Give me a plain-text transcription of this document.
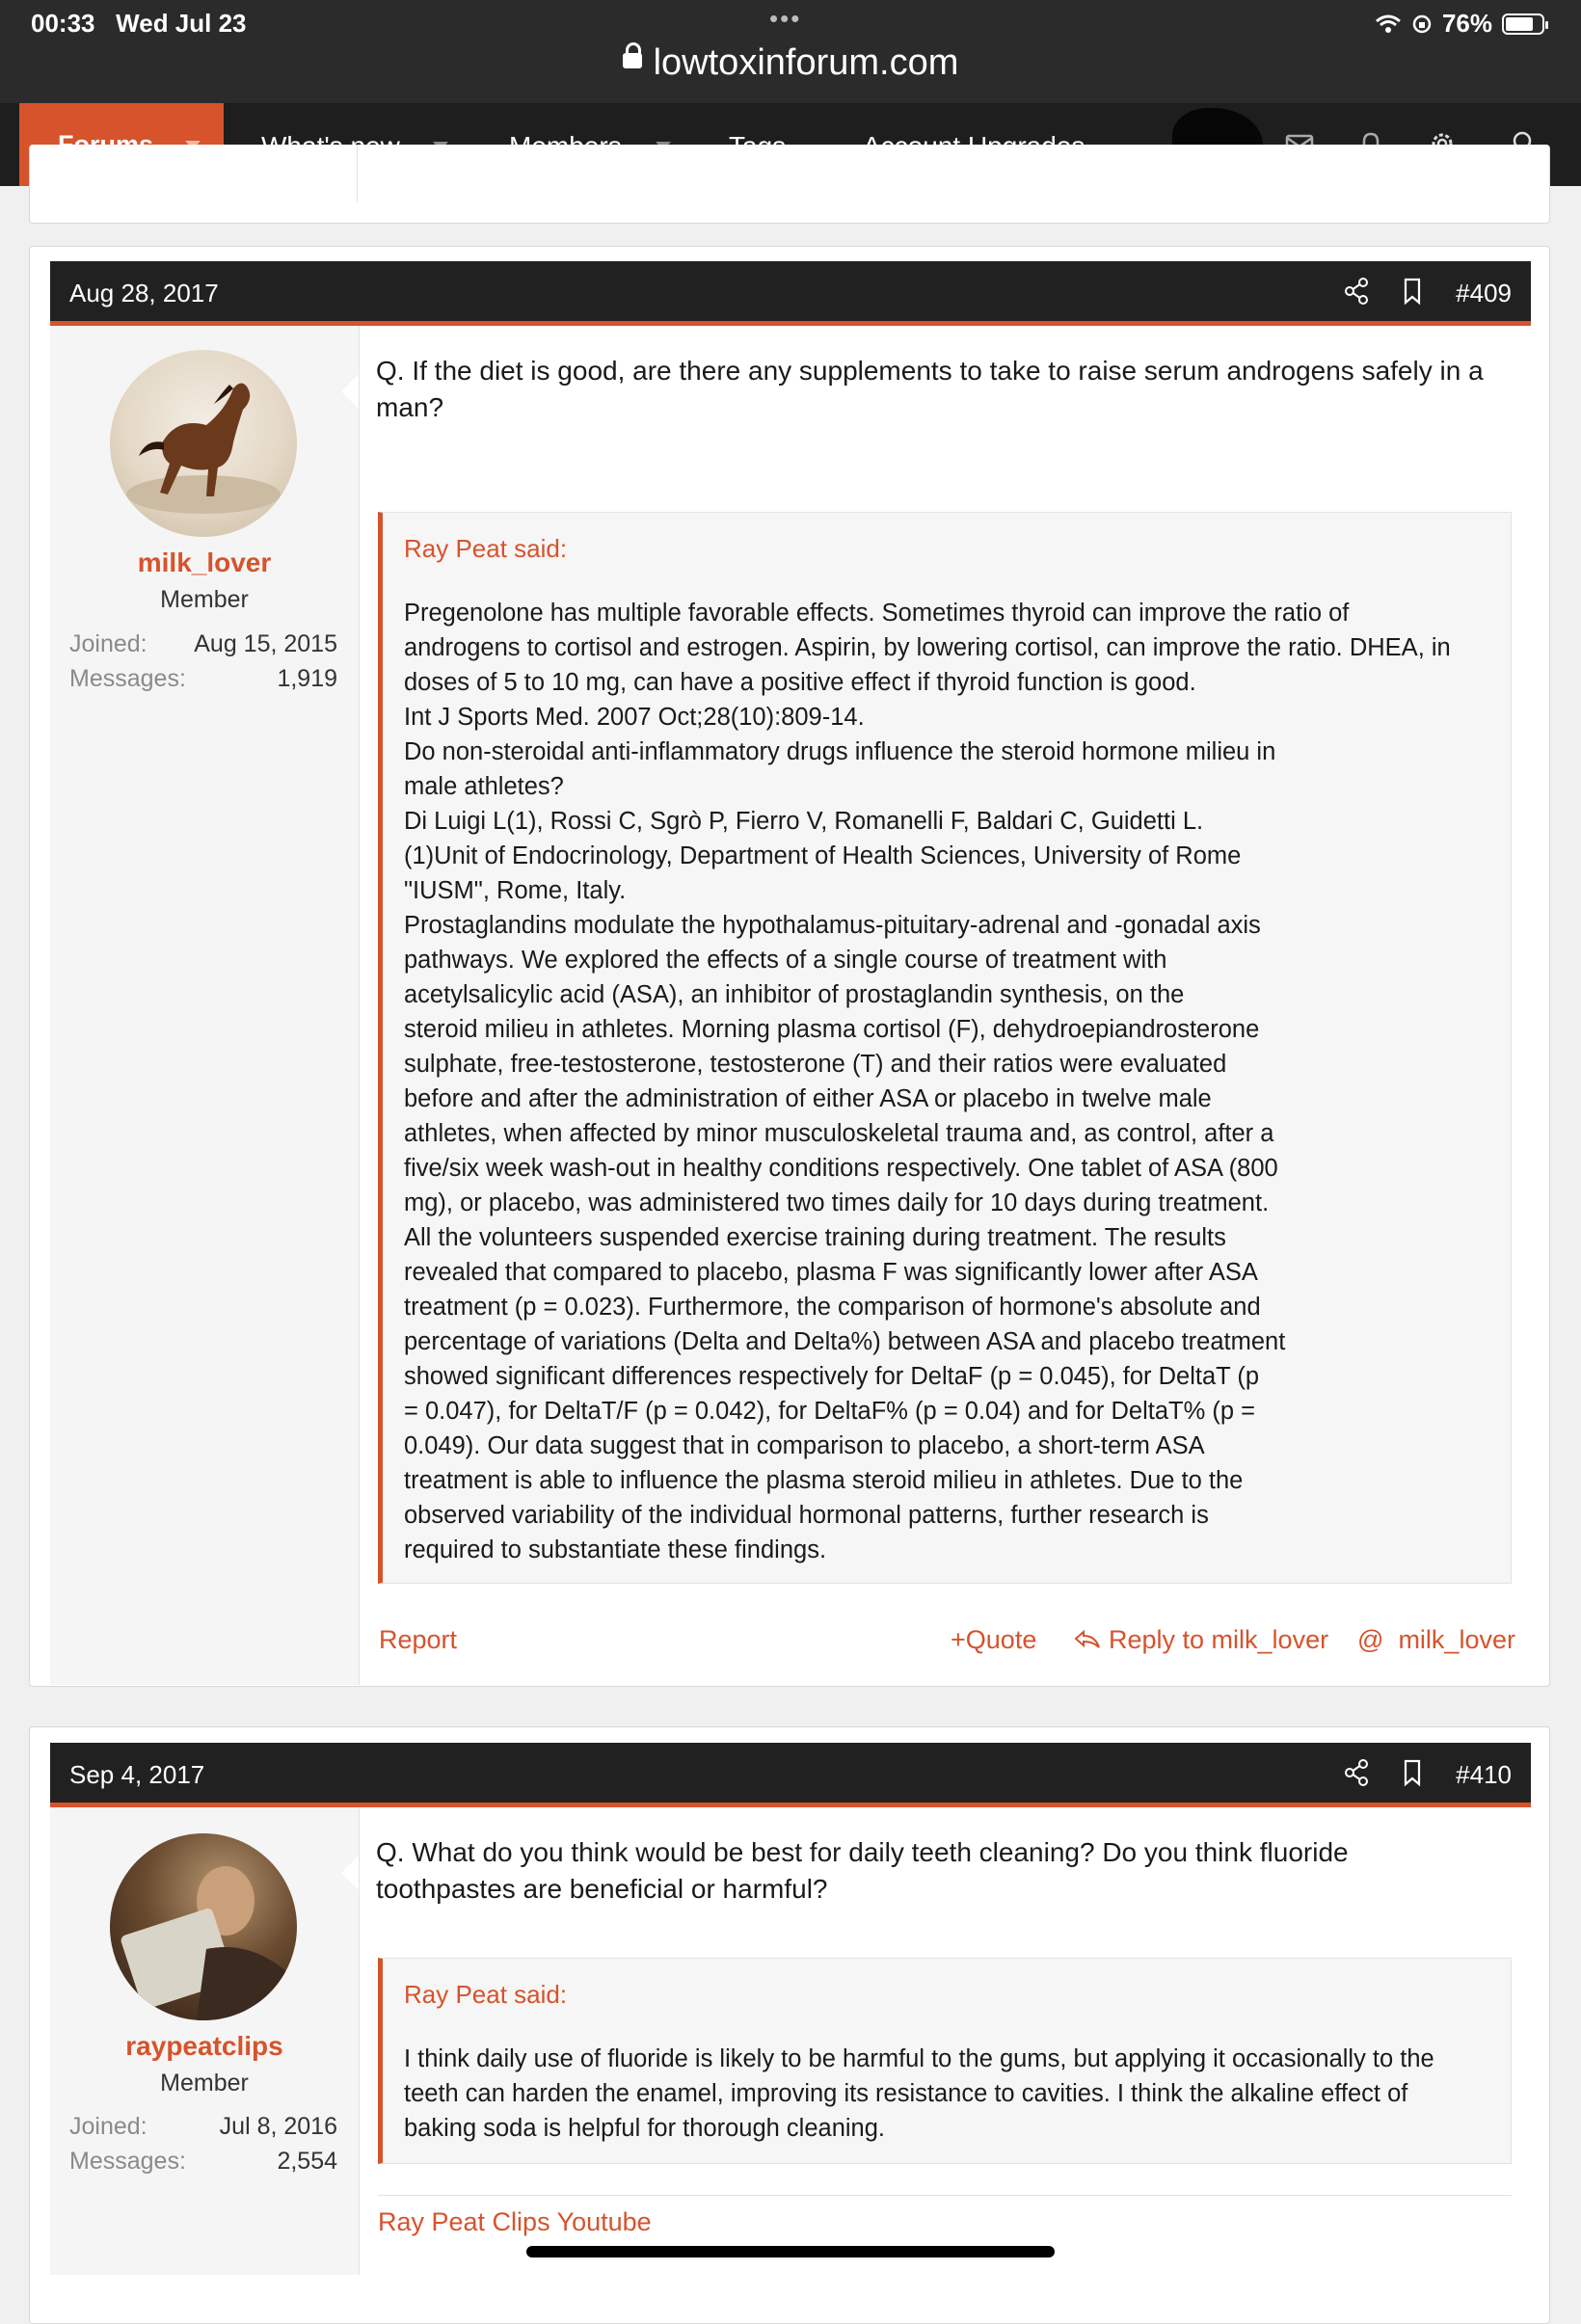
00:33 Wed Jul 23	•••	76%
lowtoxinforum.com
Aug 28, 2017	#409
milk_lover
Member
Joined: Aug 15, 2015
Messages:	1,919
Q. If the diet is good, are there any supplements to take to raise serum androgens safely in a man?
Ray Peat said:
Pregenolone has multiple favorable effects. Sometimes thyroid can improve the ratio of
androgens to cortisol and estrogen. Aspirin, by lowering cortisol, can improve the ratio. DHEA, in
doses of 5 to 10 mg, can have a positive effect if thyroid function is good.
Int J Sports Med. 2007 Oct;28(10):809-14.
Do non-steroidal anti-inflammatory drugs influence the steroid hormone milieu in
male athletes?
Di Luigi L(1), Rossi C, Sgrò P, Fierro V, Romanelli F, Baldari C, Guidetti L.
(1)Unit of Endocrinology, Department of Health Sciences, University of Rome
"IUSM", Rome, Italy.
Prostaglandins modulate the hypothalamus-pituitary-adrenal and -gonadal axis
pathways. We explored the effects of a single course of treatment with
acetylsalicylic acid (ASA), an inhibitor of prostaglandin synthesis, on the
steroid milieu in athletes. Morning plasma cortisol (F), dehydroepiandrosterone
sulphate, free-testosterone, testosterone (T) and their ratios were evaluated
before and after the administration of either ASA or placebo in twelve male
athletes, when affected by minor musculoskeletal trauma and, as control, after a
five/six week wash-out in healthy conditions respectively. One tablet of ASA (800
mg), or placebo, was administered two times daily for 10 days during treatment.
All the volunteers suspended exercise training during treatment. The results
revealed that compared to placebo, plasma F was significantly lower after ASA
treatment (p = 0.023). Furthermore, the comparison of hormone's absolute and
percentage of variations (Delta and Delta%) between ASA and placebo treatment
showed significant differences respectively for DeltaF (p = 0.045), for DeltaT (p
= 0.047), for DeltaT/F (p = 0.042), for DeltaF% (p = 0.04) and for DeltaT% (p =
0.049). Our data suggest that in comparison to placebo, a short-term ASA
treatment is able to influence the plasma steroid milieu in athletes. Due to the
observed variability of the individual hormonal patterns, further research is
required to substantiate these findings.
Report	+Quote	Reply to milk_lover @ milk_lover
Sep 4, 2017	#410
raypeatclips
Member
Joined:	Jul 8, 2016
Messages:	2,554
Q. What do you think would be best for daily teeth cleaning? Do you think fluoride
toothpastes are beneficial or harmful?
Ray Peat said:
I think daily use of fluoride is likely to be harmful to the gums, but applying it occasionally to the
teeth can harden the enamel, improving its resistance to cavities. I think the alkaline effect of
baking soda is helpful for thorough cleaning.
Ray Peat Clips Youtube
